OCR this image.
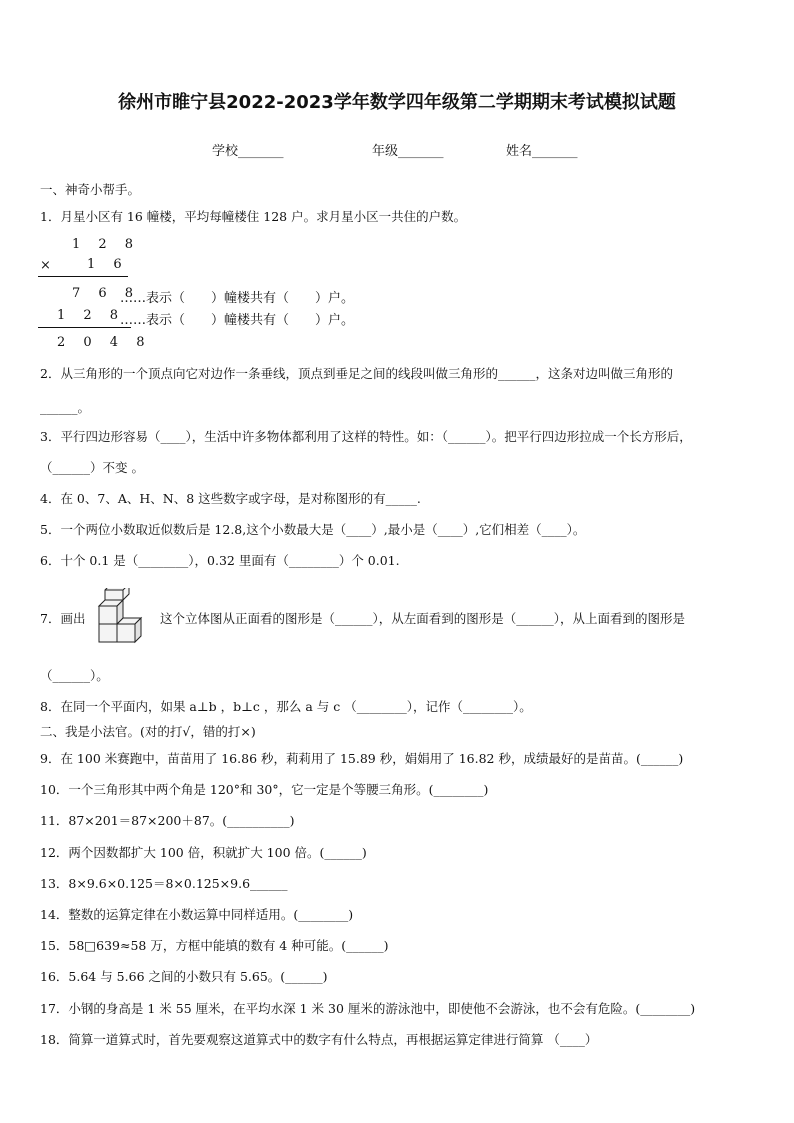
徐州市睢宁县2022-2023学年数学四年级第二学期期末考试模拟试题
学校_______	年级_______	姓名_______
一、神奇小帮手。
1．月星小区有 16 幢楼，平均每幢楼住 128 户。求月星小区一共住的户数。
1 2 8
× 1 6
7 6 8
……表示（　　）幢楼共有（　　）户。
1 2 8
……表示（　　）幢楼共有（　　）户。
2 0 4 8
2．从三角形的一个顶点向它对边作一条垂线，顶点到垂足之间的线段叫做三角形的______，这条对边叫做三角形的
______。
3．平行四边形容易（____），生活中许多物体都利用了这样的特性。如：（______）。把平行四边形拉成一个长方形后，
（______）不变 。
4．在 0、7、A、H、N、8 这些数字或字母，是对称图形的有_____.
5．一个两位小数取近似数后是 12.8,这个小数最大是（____）,最小是（____）,它们相差（____）。
6．十个 0.1 是（________），0.32 里面有（________）个 0.01.
7．画出	这个立体图从正面看的图形是（______），从左面看到的图形是（______），从上面看到的图形是
（______）。
8．在同一个平面内，如果 a⊥b ，b⊥c ，那么 a 与 c （________），记作（________）。
二、我是小法官。(对的打√，错的打×)
9．在 100 米赛跑中，苗苗用了 16.86 秒，莉莉用了 15.89 秒，娟娟用了 16.82 秒，成绩最好的是苗苗。(______)
10．一个三角形其中两个角是 120°和 30°，它一定是个等腰三角形。(________)
11．87×201＝87×200＋87。(__________)
12．两个因数都扩大 100 倍，积就扩大 100 倍。(______)
13．8×9.6×0.125＝8×0.125×9.6______
14．整数的运算定律在小数运算中同样适用。(________)
15．58□639≈58 万，方框中能填的数有 4 种可能。(______)
16．5.64 与 5.66 之间的小数只有 5.65。(______)
17．小钢的身高是 1 米 55 厘米，在平均水深 1 米 30 厘米的游泳池中，即使他不会游泳，也不会有危险。(________)
18．简算一道算式时，首先要观察这道算式中的数字有什么特点，再根据运算定律进行简算 （____）
